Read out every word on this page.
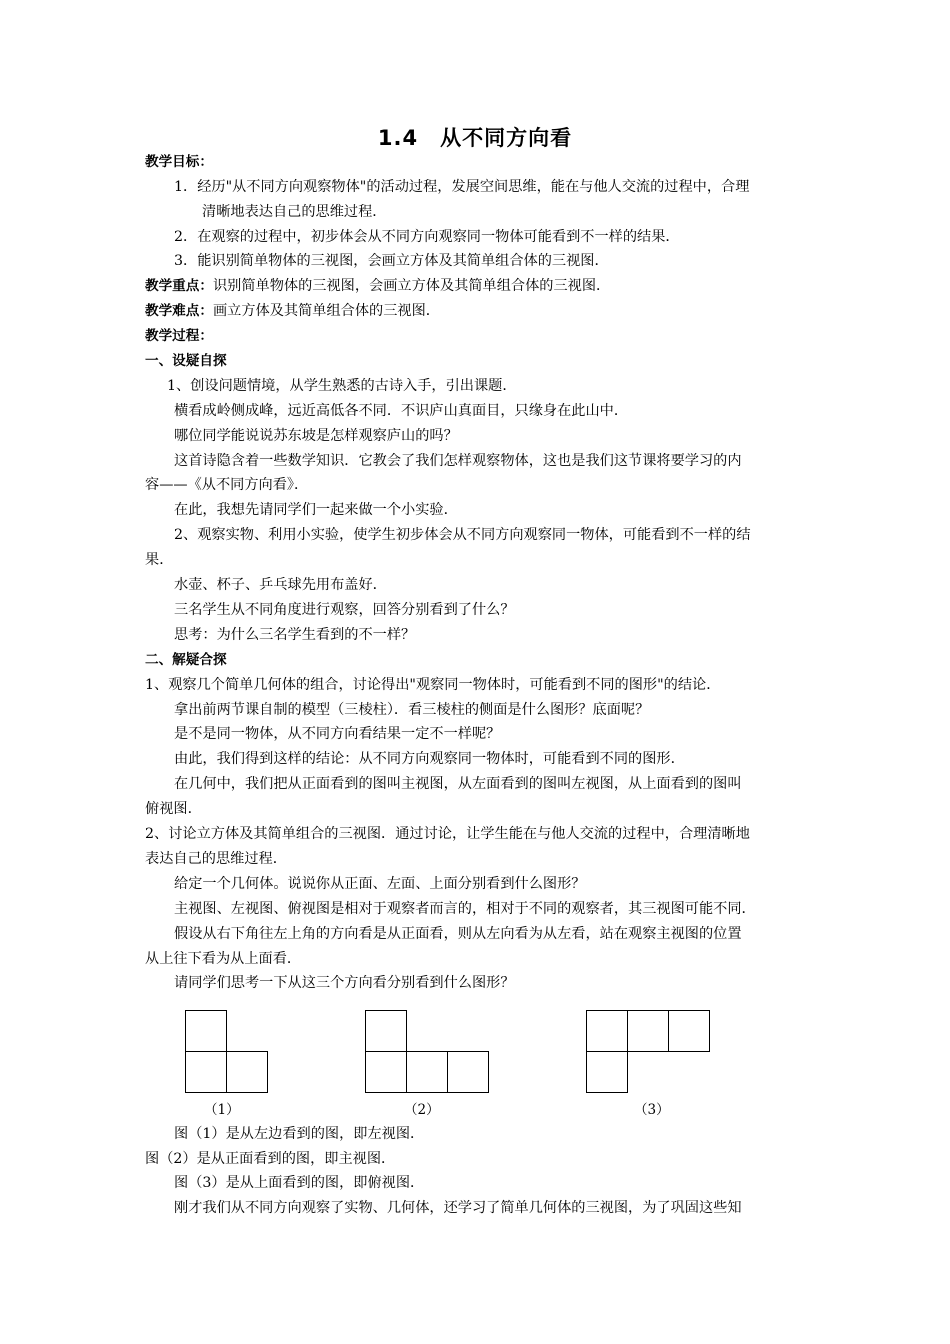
1.4　从不同方向看
教学目标：
1．经历"从不同方向观察物体"的活动过程，发展空间思维，能在与他人交流的过程中，合理
清晰地表达自己的思维过程．
2．在观察的过程中，初步体会从不同方向观察同一物体可能看到不一样的结果．
3．能识别简单物体的三视图，会画立方体及其简单组合体的三视图．
教学重点：识别简单物体的三视图，会画立方体及其简单组合体的三视图．
教学难点：画立方体及其简单组合体的三视图．
教学过程：
一、设疑自探
1、创设问题情境，从学生熟悉的古诗入手，引出课题．
横看成岭侧成峰，远近高低各不同．不识庐山真面目，只缘身在此山中．
哪位同学能说说苏东坡是怎样观察庐山的吗？
这首诗隐含着一些数学知识．它教会了我们怎样观察物体，这也是我们这节课将要学习的内
容——《从不同方向看》．
在此，我想先请同学们一起来做一个小实验．
2、观察实物、利用小实验，使学生初步体会从不同方向观察同一物体，可能看到不一样的结
果．
水壶、杯子、乒乓球先用布盖好．
三名学生从不同角度进行观察，回答分别看到了什么？
思考：为什么三名学生看到的不一样？
二、解疑合探
1、观察几个简单几何体的组合，讨论得出"观察同一物体时，可能看到不同的图形"的结论．
拿出前两节课自制的模型（三棱柱）．看三棱柱的侧面是什么图形？底面呢？
是不是同一物体，从不同方向看结果一定不一样呢？
由此，我们得到这样的结论：从不同方向观察同一物体时，可能看到不同的图形．
在几何中，我们把从正面看到的图叫主视图，从左面看到的图叫左视图，从上面看到的图叫
俯视图．
2、讨论立方体及其简单组合的三视图．通过讨论，让学生能在与他人交流的过程中，合理清晰地
表达自己的思维过程．
给定一个几何体。说说你从正面、左面、上面分别看到什么图形？
主视图、左视图、俯视图是相对于观察者而言的，相对于不同的观察者，其三视图可能不同．
假设从右下角往左上角的方向看是从正面看，则从左向看为从左看，站在观察主视图的位置
从上往下看为从上面看．
请同学们思考一下从这三个方向看分别看到什么图形？
（1）	（2）	（3）
图（1）是从左边看到的图，即左视图．
图（2）是从正面看到的图，即主视图．
图（3）是从上面看到的图，即俯视图．
刚才我们从不同方向观察了实物、几何体，还学习了简单几何体的三视图，为了巩固这些知
